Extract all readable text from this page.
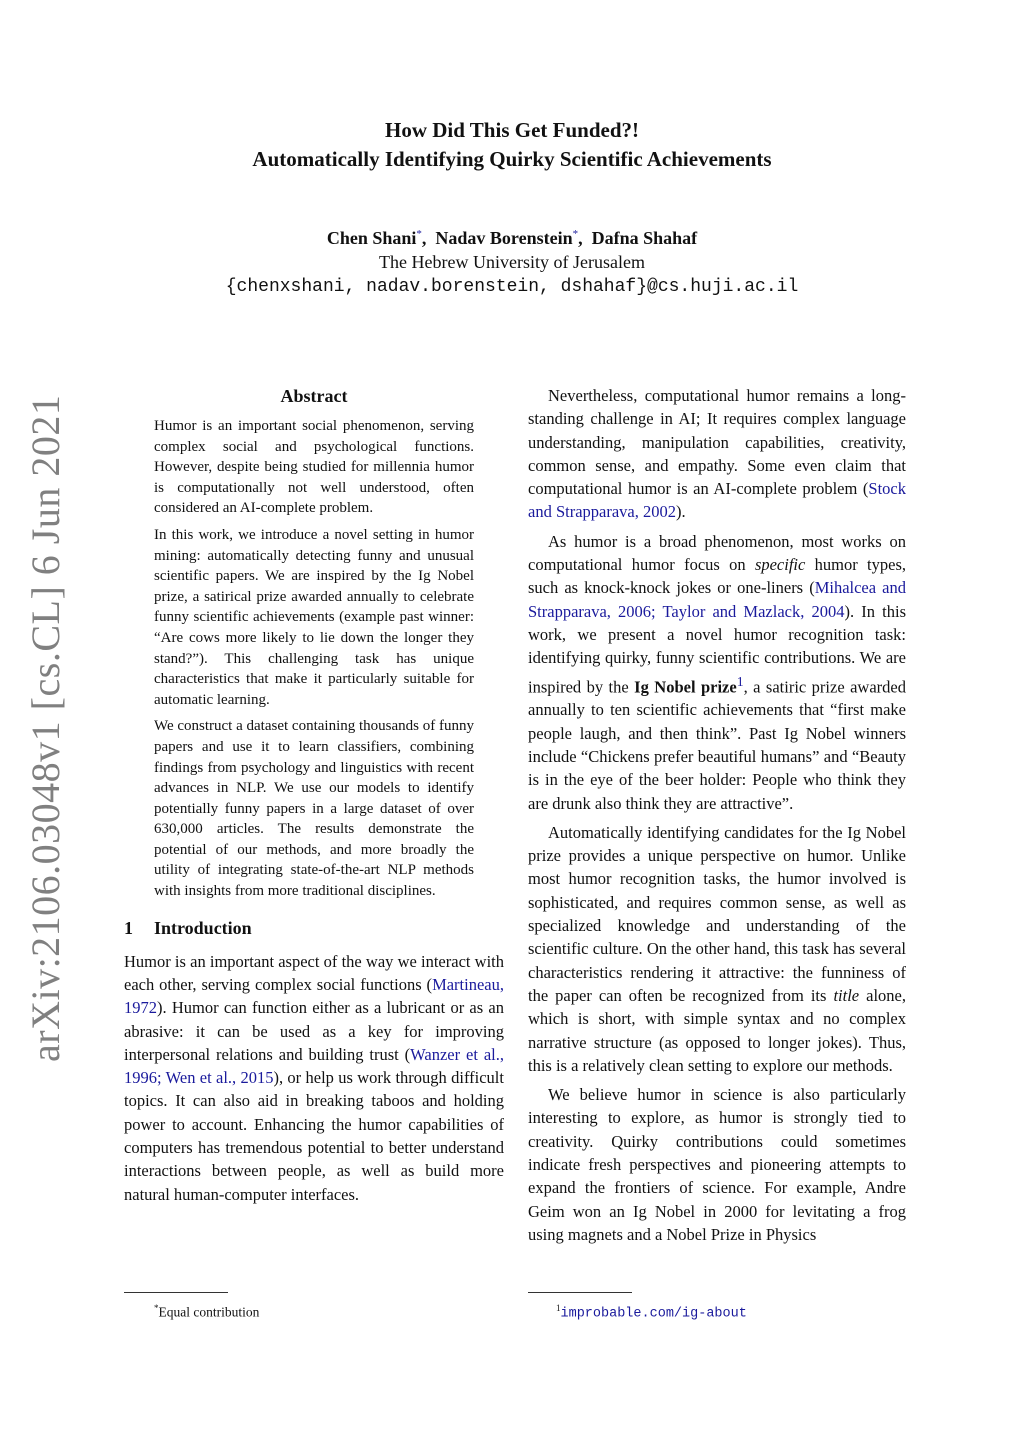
arXiv:2106.03048v1 [cs.CL] 6 Jun 2021
How Did This Get Funded?!
Automatically Identifying Quirky Scientific Achievements
Chen Shani*, Nadav Borenstein*, Dafna Shahaf
The Hebrew University of Jerusalem
{chenxshani, nadav.borenstein, dshahaf}@cs.huji.ac.il
Abstract

Humor is an important social phenomenon, serving complex social and psychological functions. However, despite being studied for millennia humor is computationally not well understood, often considered an AI-complete problem.

In this work, we introduce a novel setting in humor mining: automatically detecting funny and unusual scientific papers. We are inspired by the Ig Nobel prize, a satirical prize awarded annually to celebrate funny scientific achievements (example past winner: “Are cows more likely to lie down the longer they stand?”). This challenging task has unique characteristics that make it particularly suitable for automatic learning.

We construct a dataset containing thousands of funny papers and use it to learn classifiers, combining findings from psychology and linguistics with recent advances in NLP. We use our models to identify potentially funny papers in a large dataset of over 630,000 articles. The results demonstrate the potential of our methods, and more broadly the utility of integrating state-of-the-art NLP methods with insights from more traditional disciplines.

1 Introduction

Humor is an important aspect of the way we interact with each other, serving complex social functions (Martineau, 1972). Humor can function either as a lubricant or as an abrasive: it can be used as a key for improving interpersonal relations and building trust (Wanzer et al., 1996; Wen et al., 2015), or help us work through difficult topics. It can also aid in breaking taboos and holding power to account. Enhancing the humor capabilities of computers has tremendous potential to better understand interactions between people, as well as build more natural human-computer interfaces.

Nevertheless, computational humor remains a long-standing challenge in AI; It requires complex language understanding, manipulation capabilities, creativity, common sense, and empathy. Some even claim that computational humor is an AI-complete problem (Stock and Strapparava, 2002).

As humor is a broad phenomenon, most works on computational humor focus on specific humor types, such as knock-knock jokes or one-liners (Mihalcea and Strapparava, 2006; Taylor and Mazlack, 2004). In this work, we present a novel humor recognition task: identifying quirky, funny scientific contributions. We are inspired by the Ig Nobel prize$^1$, a satiric prize awarded annually to ten scientific achievements that “first make people laugh, and then think”. Past Ig Nobel winners include “Chickens prefer beautiful humans” and “Beauty is in the eye of the beer holder: People who think they are drunk also think they are attractive”.

Automatically identifying candidates for the Ig Nobel prize provides a unique perspective on humor. Unlike most humor recognition tasks, the humor involved is sophisticated, and requires common sense, as well as specialized knowledge and understanding of the scientific culture. On the other hand, this task has several characteristics rendering it attractive: the funniness of the paper can often be recognized from its title alone, which is short, with simple syntax and no complex narrative structure (as opposed to longer jokes). Thus, this is a relatively clean setting to explore our methods.

We believe humor in science is also particularly interesting to explore, as humor is strongly tied to creativity. Quirky contributions could sometimes indicate fresh perspectives and pioneering attempts to expand the frontiers of science. For example, Andre Geim won an Ig Nobel in 2000 for levitating a frog using magnets and a Nobel Prize in Physics

*Equal contribution	$^1$improbable.com/ig-about
